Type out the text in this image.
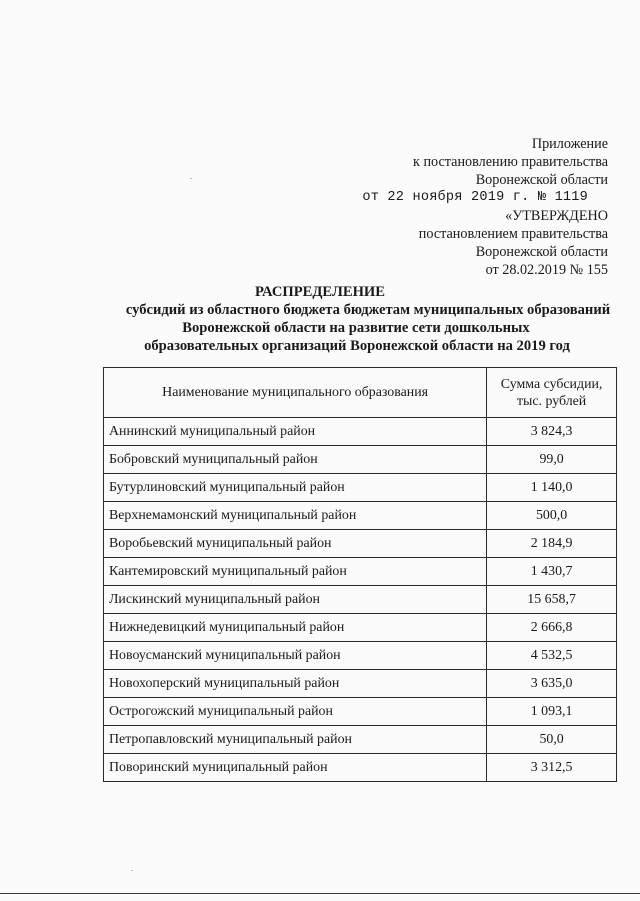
Приложение
к постановлению правительства
Воронежской области
от 22 ноября 2019 г. № 1119
«УТВЕРЖДЕНО
постановлением правительства
Воронежской области
от 28.02.2019 № 155
РАСПРЕДЕЛЕНИЕ
субсидий из областного бюджета бюджетам муниципальных образований
Воронежской области на развитие сети дошкольных
образовательных организаций Воронежской области на 2019 год
Наименование муниципального образования	Сумма субсидии,
тыс. рублей
Аннинский муниципальный район	3 824,3
Бобровский муниципальный район	99,0
Бутурлиновский муниципальный район	1 140,0
Верхнемамонский муниципальный район	500,0
Воробьевский муниципальный район	2 184,9
Кантемировский муниципальный район	1 430,7
Лискинский муниципальный район	15 658,7
Нижнедевицкий муниципальный район	2 666,8
Новоусманский муниципальный район	4 532,5
Новохоперский муниципальный район	3 635,0
Острогожский муниципальный район	1 093,1
Петропавловский муниципальный район	50,0
Поворинский муниципальный район	3 312,5
